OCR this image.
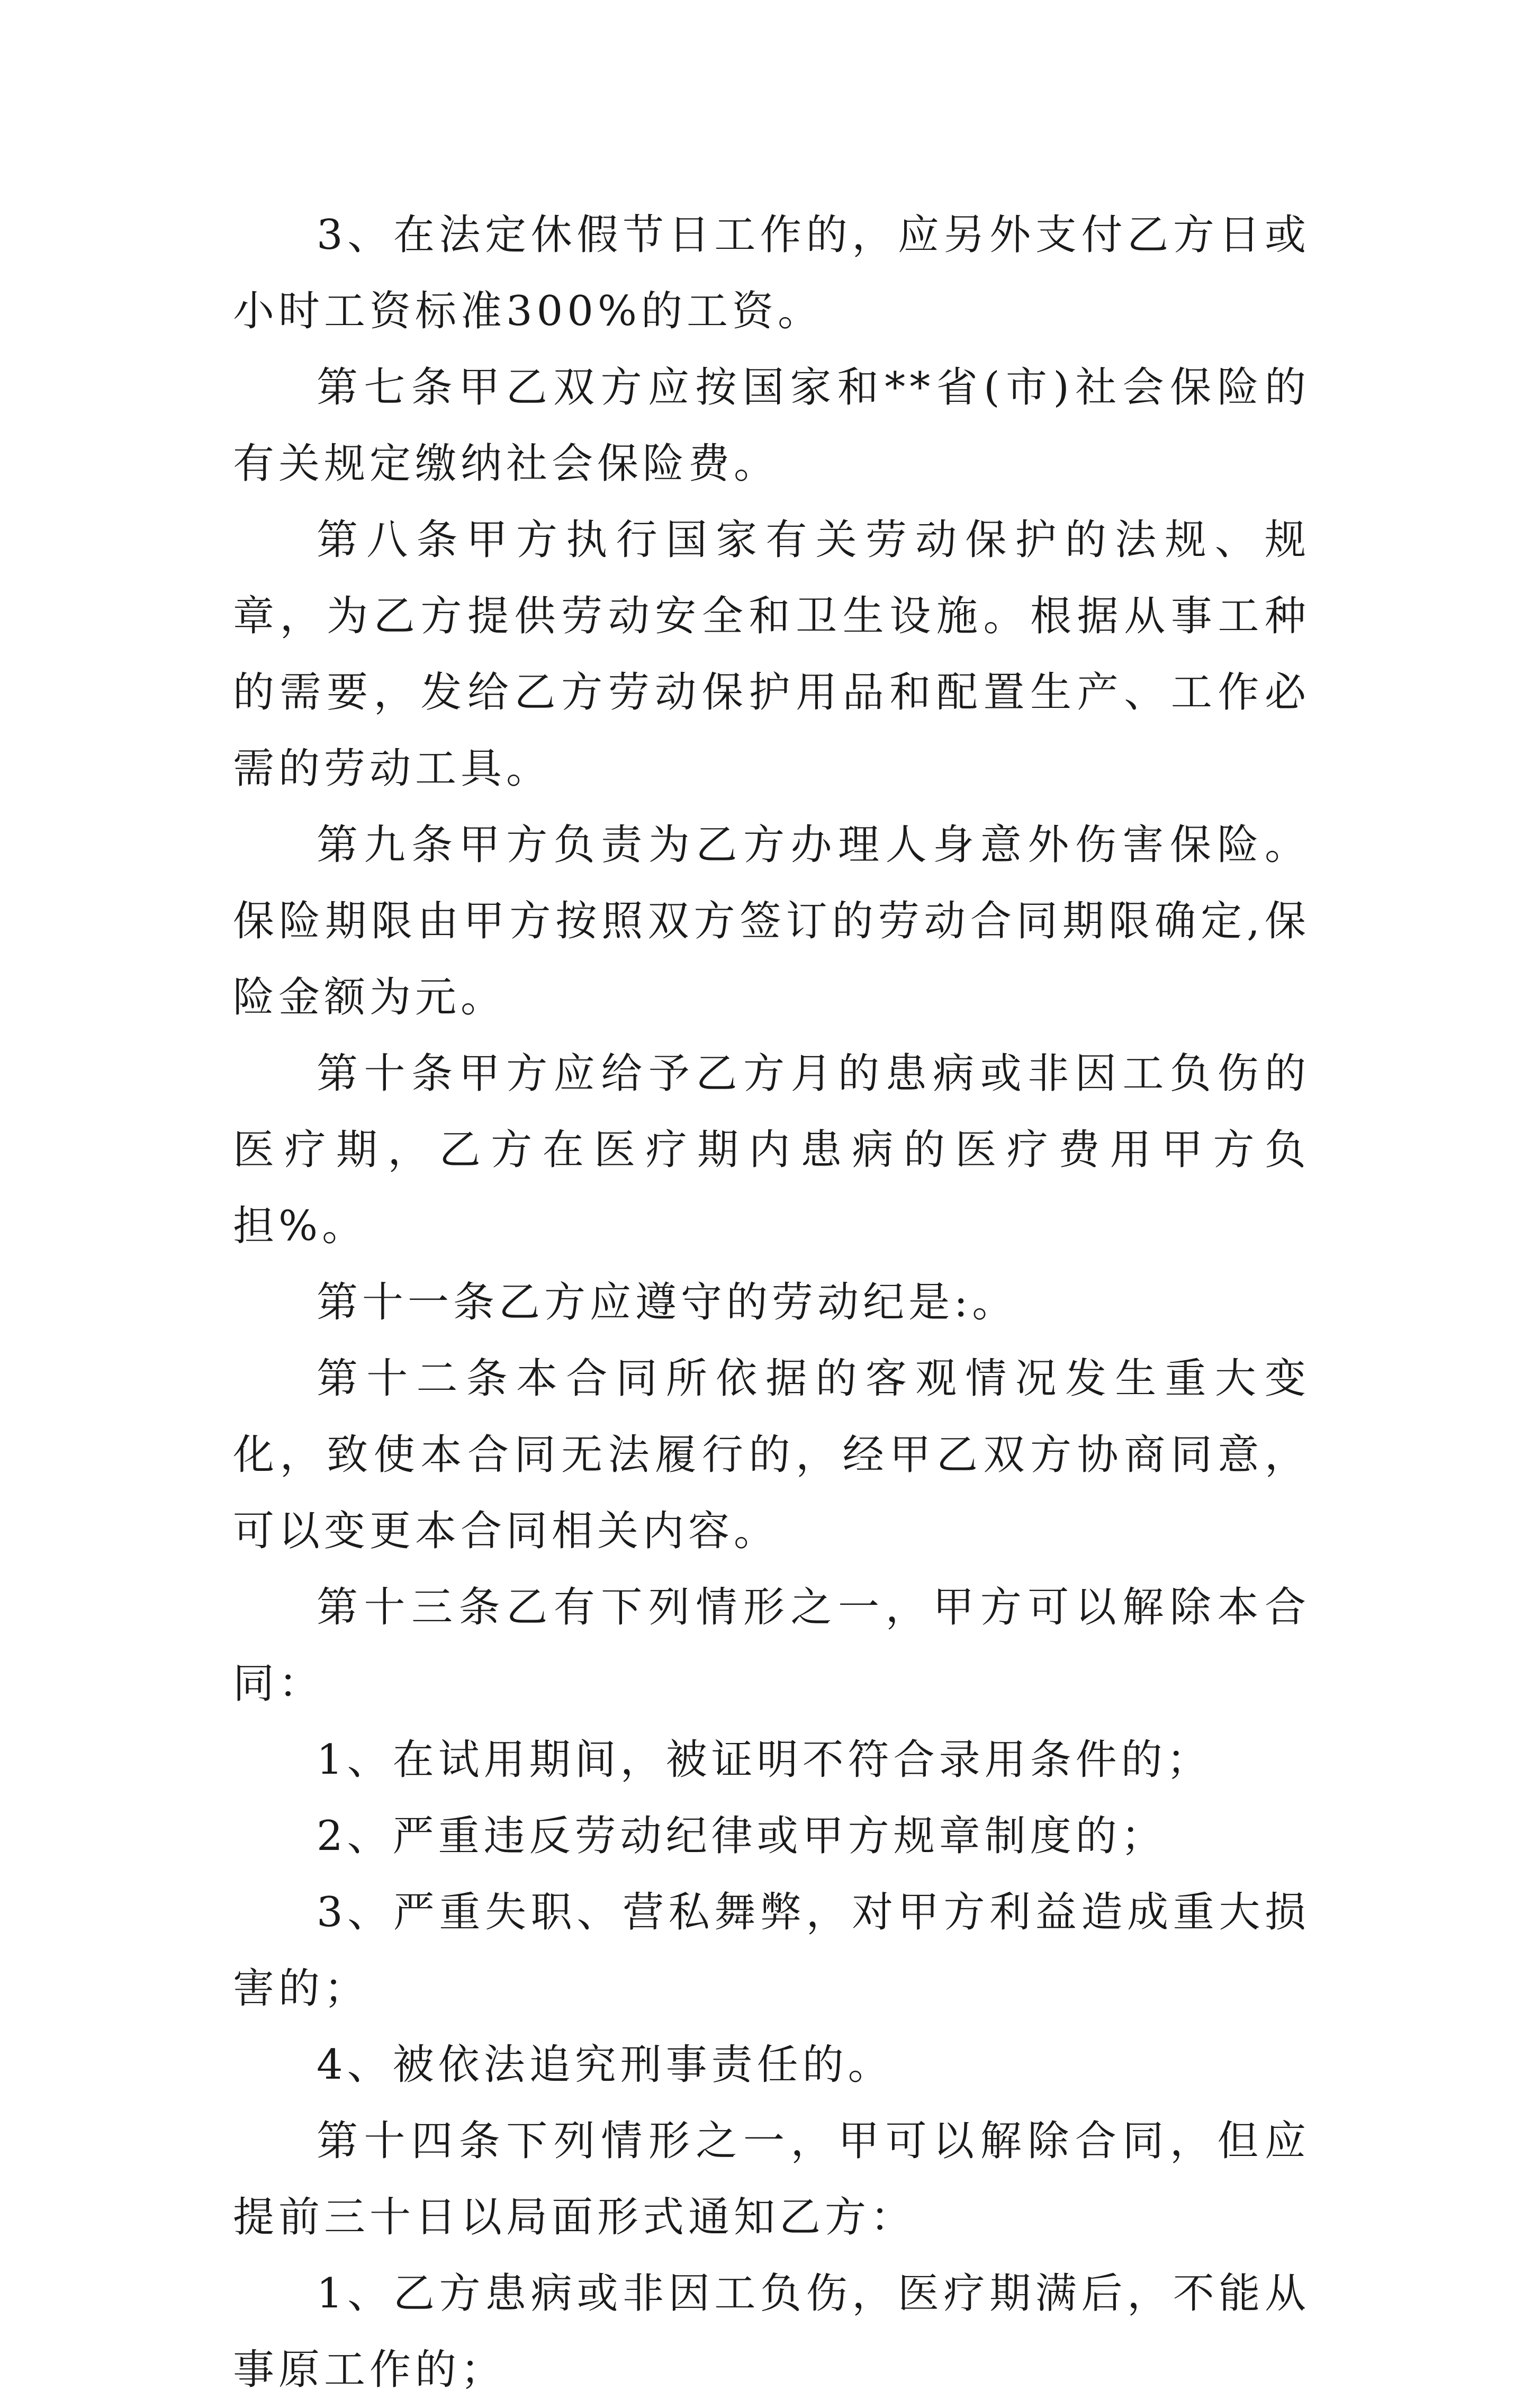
3、在法定休假节日工作的，应另外支付乙方日或小时工资标准300%的工资。

第七条甲乙双方应按国家和**省(市)社会保险的有关规定缴纳社会保险费。

第八条甲方执行国家有关劳动保护的法规、规章，为乙方提供劳动安全和卫生设施。根据从事工种的需要，发给乙方劳动保护用品和配置生产、工作必需的劳动工具。

第九条甲方负责为乙方办理人身意外伤害保险。保险期限由甲方按照双方签订的劳动合同期限确定,保险金额为元。

第十条甲方应给予乙方月的患病或非因工负伤的医疗期，乙方在医疗期内患病的医疗费用甲方负担%。

第十一条乙方应遵守的劳动纪是:。

第十二条本合同所依据的客观情况发生重大变化，致使本合同无法履行的，经甲乙双方协商同意，可以变更本合同相关内容。

第十三条乙有下列情形之一，甲方可以解除本合同：

1、在试用期间，被证明不符合录用条件的；

2、严重违反劳动纪律或甲方规章制度的；

3、严重失职、营私舞弊，对甲方利益造成重大损害的；

4、被依法追究刑事责任的。

第十四条下列情形之一，甲可以解除合同，但应提前三十日以局面形式通知乙方：

1、乙方患病或非因工负伤，医疗期满后，不能从事原工作的；
